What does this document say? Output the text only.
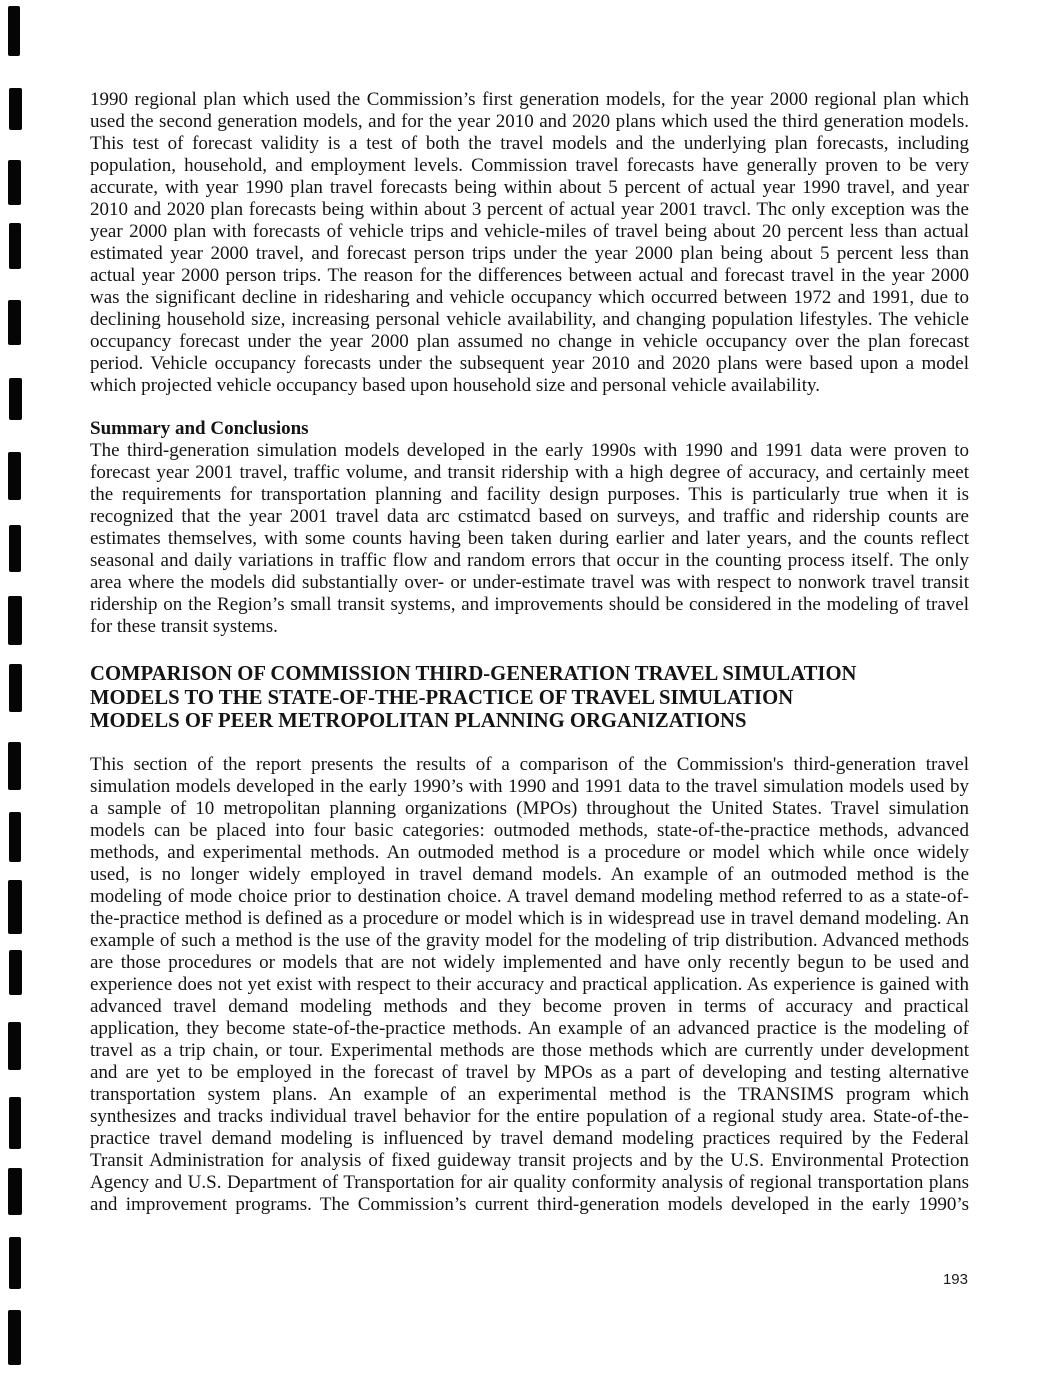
1990 regional plan which used the Commission’s first generation models, for the year 2000 regional plan which
used the second generation models, and for the year 2010 and 2020 plans which used the third generation models.
This test of forecast validity is a test of both the travel models and the underlying plan forecasts, including
population, household, and employment levels. Commission travel forecasts have generally proven to be very
accurate, with year 1990 plan travel forecasts being within about 5 percent of actual year 1990 travel, and year
2010 and 2020 plan forecasts being within about 3 percent of actual year 2001 travcl. Thc only exception was the
year 2000 plan with forecasts of vehicle trips and vehicle-miles of travel being about 20 percent less than actual
estimated year 2000 travel, and forecast person trips under the year 2000 plan being about 5 percent less than
actual year 2000 person trips. The reason for the differences between actual and forecast travel in the year 2000
was the significant decline in ridesharing and vehicle occupancy which occurred between 1972 and 1991, due to
declining household size, increasing personal vehicle availability, and changing population lifestyles. The vehicle
occupancy forecast under the year 2000 plan assumed no change in vehicle occupancy over the plan forecast
period. Vehicle occupancy forecasts under the subsequent year 2010 and 2020 plans were based upon a model
which projected vehicle occupancy based upon household size and personal vehicle availability.
Summary and Conclusions
The third-generation simulation models developed in the early 1990s with 1990 and 1991 data were proven to
forecast year 2001 travel, traffic volume, and transit ridership with a high degree of accuracy, and certainly meet
the requirements for transportation planning and facility design purposes. This is particularly true when it is
recognized that the year 2001 travel data arc cstimatcd based on surveys, and traffic and ridership counts are
estimates themselves, with some counts having been taken during earlier and later years, and the counts reflect
seasonal and daily variations in traffic flow and random errors that occur in the counting process itself. The only
area where the models did substantially over- or under-estimate travel was with respect to nonwork travel transit
ridership on the Region’s small transit systems, and improvements should be considered in the modeling of travel
for these transit systems.
COMPARISON OF COMMISSION THIRD-GENERATION TRAVEL SIMULATION
MODELS TO THE STATE-OF-THE-PRACTICE OF TRAVEL SIMULATION
MODELS OF PEER METROPOLITAN PLANNING ORGANIZATIONS
This section of the report presents the results of a comparison of the Commission's third-generation travel
simulation models developed in the early 1990’s with 1990 and 1991 data to the travel simulation models used by
a sample of 10 metropolitan planning organizations (MPOs) throughout the United States. Travel simulation
models can be placed into four basic categories: outmoded methods, state-of-the-practice methods, advanced
methods, and experimental methods. An outmoded method is a procedure or model which while once widely
used, is no longer widely employed in travel demand models. An example of an outmoded method is the
modeling of mode choice prior to destination choice. A travel demand modeling method referred to as a state-of-
the-practice method is defined as a procedure or model which is in widespread use in travel demand modeling. An
example of such a method is the use of the gravity model for the modeling of trip distribution. Advanced methods
are those procedures or models that are not widely implemented and have only recently begun to be used and
experience does not yet exist with respect to their accuracy and practical application. As experience is gained with
advanced travel demand modeling methods and they become proven in terms of accuracy and practical
application, they become state-of-the-practice methods. An example of an advanced practice is the modeling of
travel as a trip chain, or tour. Experimental methods are those methods which are currently under development
and are yet to be employed in the forecast of travel by MPOs as a part of developing and testing alternative
transportation system plans. An example of an experimental method is the TRANSIMS program which
synthesizes and tracks individual travel behavior for the entire population of a regional study area. State-of-the-
practice travel demand modeling is influenced by travel demand modeling practices required by the Federal
Transit Administration for analysis of fixed guideway transit projects and by the U.S. Environmental Protection
Agency and U.S. Department of Transportation for air quality conformity analysis of regional transportation plans
and improvement programs. The Commission’s current third-generation models developed in the early 1990’s
193
